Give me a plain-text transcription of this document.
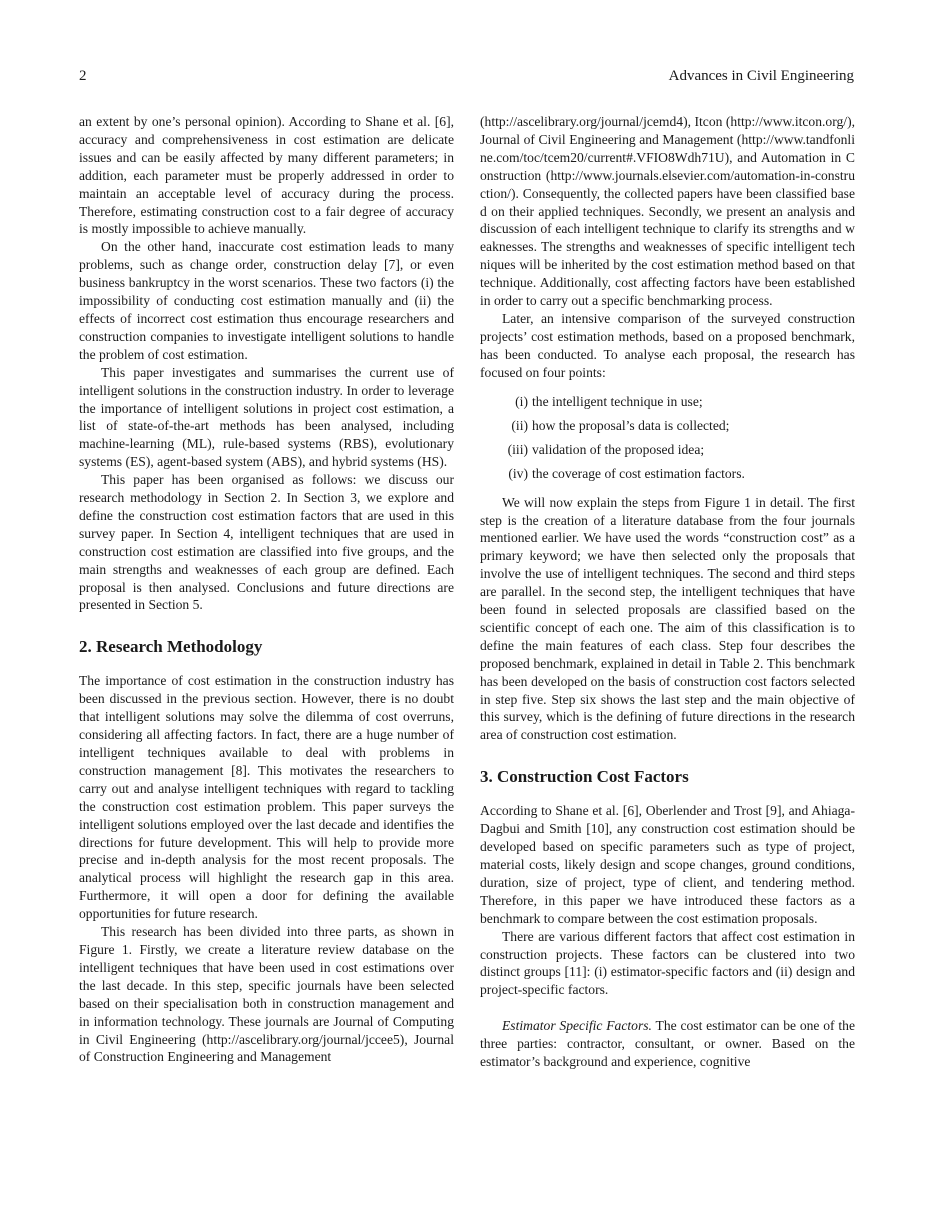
2	Advances in Civil Engineering

an extent by one’s personal opinion). According to Shane et al. [6], accuracy and comprehensiveness in cost estimation are delicate issues and can be easily affected by many different parameters; in addition, each parameter must be properly addressed in order to maintain an acceptable level of accuracy during the process. Therefore, estimating construction cost to a fair degree of accuracy is mostly impossible to achieve manually.

On the other hand, inaccurate cost estimation leads to many problems, such as change order, construction delay [7], or even business bankruptcy in the worst scenarios. These two factors (i) the impossibility of conducting cost estimation manually and (ii) the effects of incorrect cost estimation thus encourage researchers and construction companies to investigate intelligent solutions to handle the problem of cost estimation.

This paper investigates and summarises the current use of intelligent solutions in the construction industry. In order to leverage the importance of intelligent solutions in project cost estimation, a list of state-of-the-art methods has been analysed, including machine-learning (ML), rule-based systems (RBS), evolutionary systems (ES), agent-based system (ABS), and hybrid systems (HS).

This paper has been organised as follows: we discuss our research methodology in Section 2. In Section 3, we explore and define the construction cost estimation factors that are used in this survey paper. In Section 4, intelligent techniques that are used in construction cost estimation are classified into five groups, and the main strengths and weaknesses of each group are defined. Each proposal is then analysed. Conclusions and future directions are presented in Section 5.

2. Research Methodology

The importance of cost estimation in the construction industry has been discussed in the previous section. However, there is no doubt that intelligent solutions may solve the dilemma of cost overruns, considering all affecting factors. In fact, there are a huge number of intelligent techniques available to deal with problems in construction management [8]. This motivates the researchers to carry out and analyse intelligent techniques with regard to tackling the construction cost estimation problem. This paper surveys the intelligent solutions employed over the last decade and identifies the directions for future development. This will help to provide more precise and in-depth analysis for the most recent proposals. The analytical process will highlight the research gap in this area. Furthermore, it will open a door for defining the available opportunities for future research.

This research has been divided into three parts, as shown in Figure 1. Firstly, we create a literature review database on the intelligent techniques that have been used in cost estimations over the last decade. In this step, specific journals have been selected based on their specialisation both in construction management and in information technology. These journals are Journal of Computing in Civil Engineering (http://ascelibrary.org/journal/jccee5), Journal of Construction Engineering and Management

(http://ascelibrary.org/journal/jcemd4), Itcon (http://www.itcon.org/), Journal of Civil Engineering and Management (http://www.tandfonline.com/toc/tcem20/current#.VFIO8Wdh71U), and Automation in Construction (http://www.journals.elsevier.com/automation-in-construction/). Consequently, the collected papers have been classified based on their applied techniques. Secondly, we present an analysis and discussion of each intelligent technique to clarify its strengths and weaknesses. The strengths and weaknesses of specific intelligent techniques will be inherited by the cost estimation method based on that technique. Additionally, cost affecting factors have been established in order to carry out a specific benchmarking process.

Later, an intensive comparison of the surveyed construction projects’ cost estimation methods, based on a proposed benchmark, has been conducted. To analyse each proposal, the research has focused on four points:

(i) the intelligent technique in use;
(ii) how the proposal’s data is collected;
(iii) validation of the proposed idea;
(iv) the coverage of cost estimation factors.

We will now explain the steps from Figure 1 in detail. The first step is the creation of a literature database from the four journals mentioned earlier. We have used the words “construction cost” as a primary keyword; we have then selected only the proposals that involve the use of intelligent techniques. The second and third steps are parallel. In the second step, the intelligent techniques that have been found in selected proposals are classified based on the scientific concept of each one. The aim of this classification is to define the main features of each class. Step four describes the proposed benchmark, explained in detail in Table 2. This benchmark has been developed on the basis of construction cost factors selected in step five. Step six shows the last step and the main objective of this survey, which is the defining of future directions in the research area of construction cost estimation.

3. Construction Cost Factors

According to Shane et al. [6], Oberlender and Trost [9], and Ahiaga-Dagbui and Smith [10], any construction cost estimation should be developed based on specific parameters such as type of project, material costs, likely design and scope changes, ground conditions, duration, size of project, type of client, and tendering method. Therefore, in this paper we have introduced these factors as a benchmark to compare between the cost estimation proposals.

There are various different factors that affect cost estimation in construction projects. These factors can be clustered into two distinct groups [11]: (i) estimator-specific factors and (ii) design and project-specific factors.

Estimator Specific Factors. The cost estimator can be one of the three parties: contractor, consultant, or owner. Based on the estimator’s background and experience, cognitive
